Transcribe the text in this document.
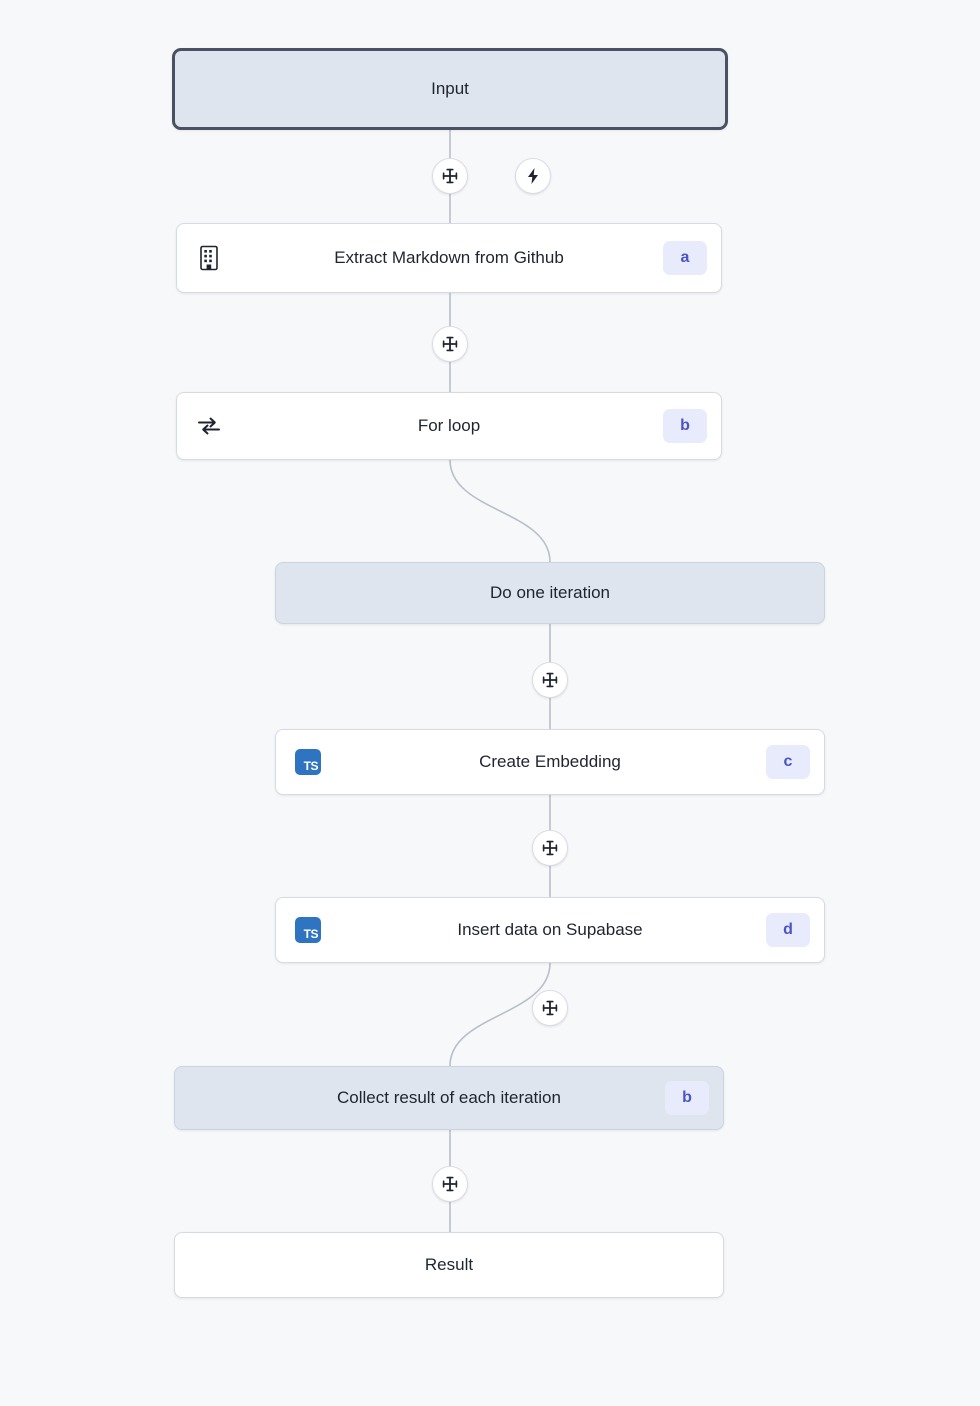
Input
Extract Markdown from Github	a
For loop	b
Do one iteration
TS	Create Embedding	c
TS	Insert data on Supabase	d
Collect result of each iteration	b
Result
